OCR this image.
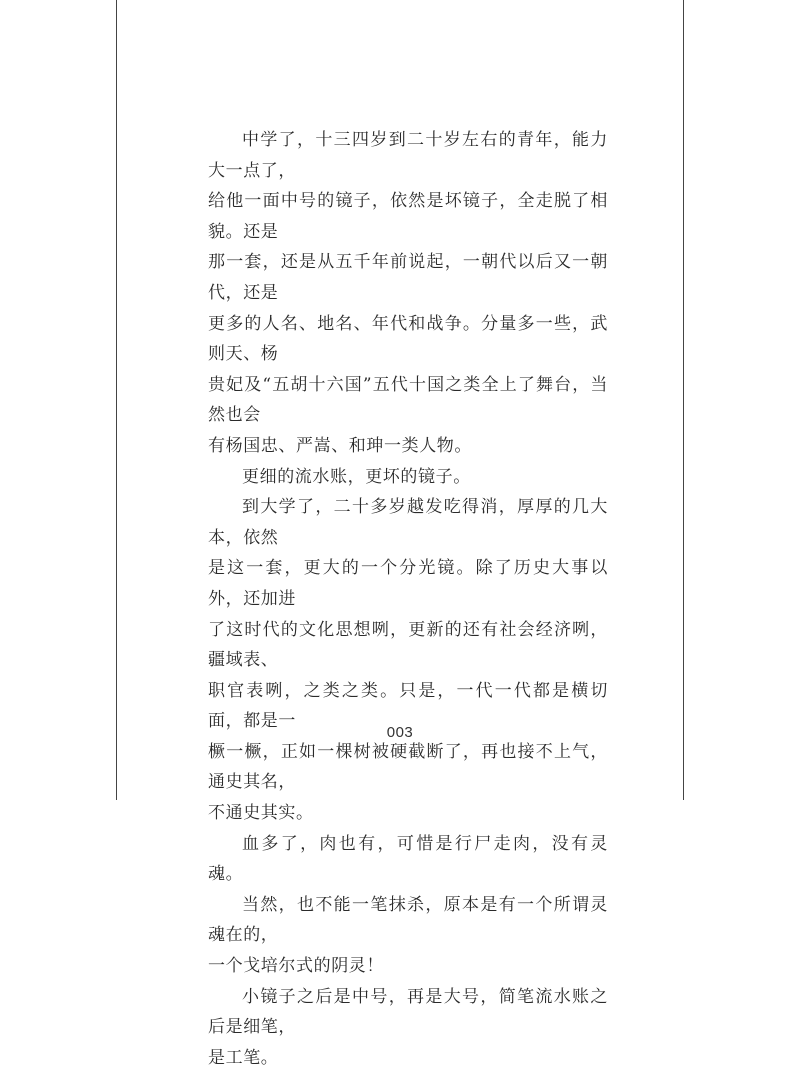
中学了，十三四岁到二十岁左右的青年，能力大一点了，
给他一面中号的镜子，依然是坏镜子，全走脱了相貌。还是
那一套，还是从五千年前说起，一朝代以后又一朝代，还是
更多的人名、地名、年代和战争。分量多一些，武则天、杨
贵妃及“五胡十六国”五代十国之类全上了舞台，当然也会
有杨国忠、严嵩、和珅一类人物。

更细的流水账，更坏的镜子。

到大学了，二十多岁越发吃得消，厚厚的几大本，依然
是这一套，更大的一个分光镜。除了历史大事以外，还加进
了这时代的文化思想咧，更新的还有社会经济咧，疆域表、
职官表咧，之类之类。只是，一代一代都是横切面，都是一
橛一橛，正如一棵树被硬截断了，再也接不上气，通史其名，
不通史其实。

血多了，肉也有，可惜是行尸走肉，没有灵魂。

当然，也不能一笔抹杀，原本是有一个所谓灵魂在的，
一个戈培尔式的阴灵！

小镜子之后是中号，再是大号，简笔流水账之后是细笔，
是工笔。

003
